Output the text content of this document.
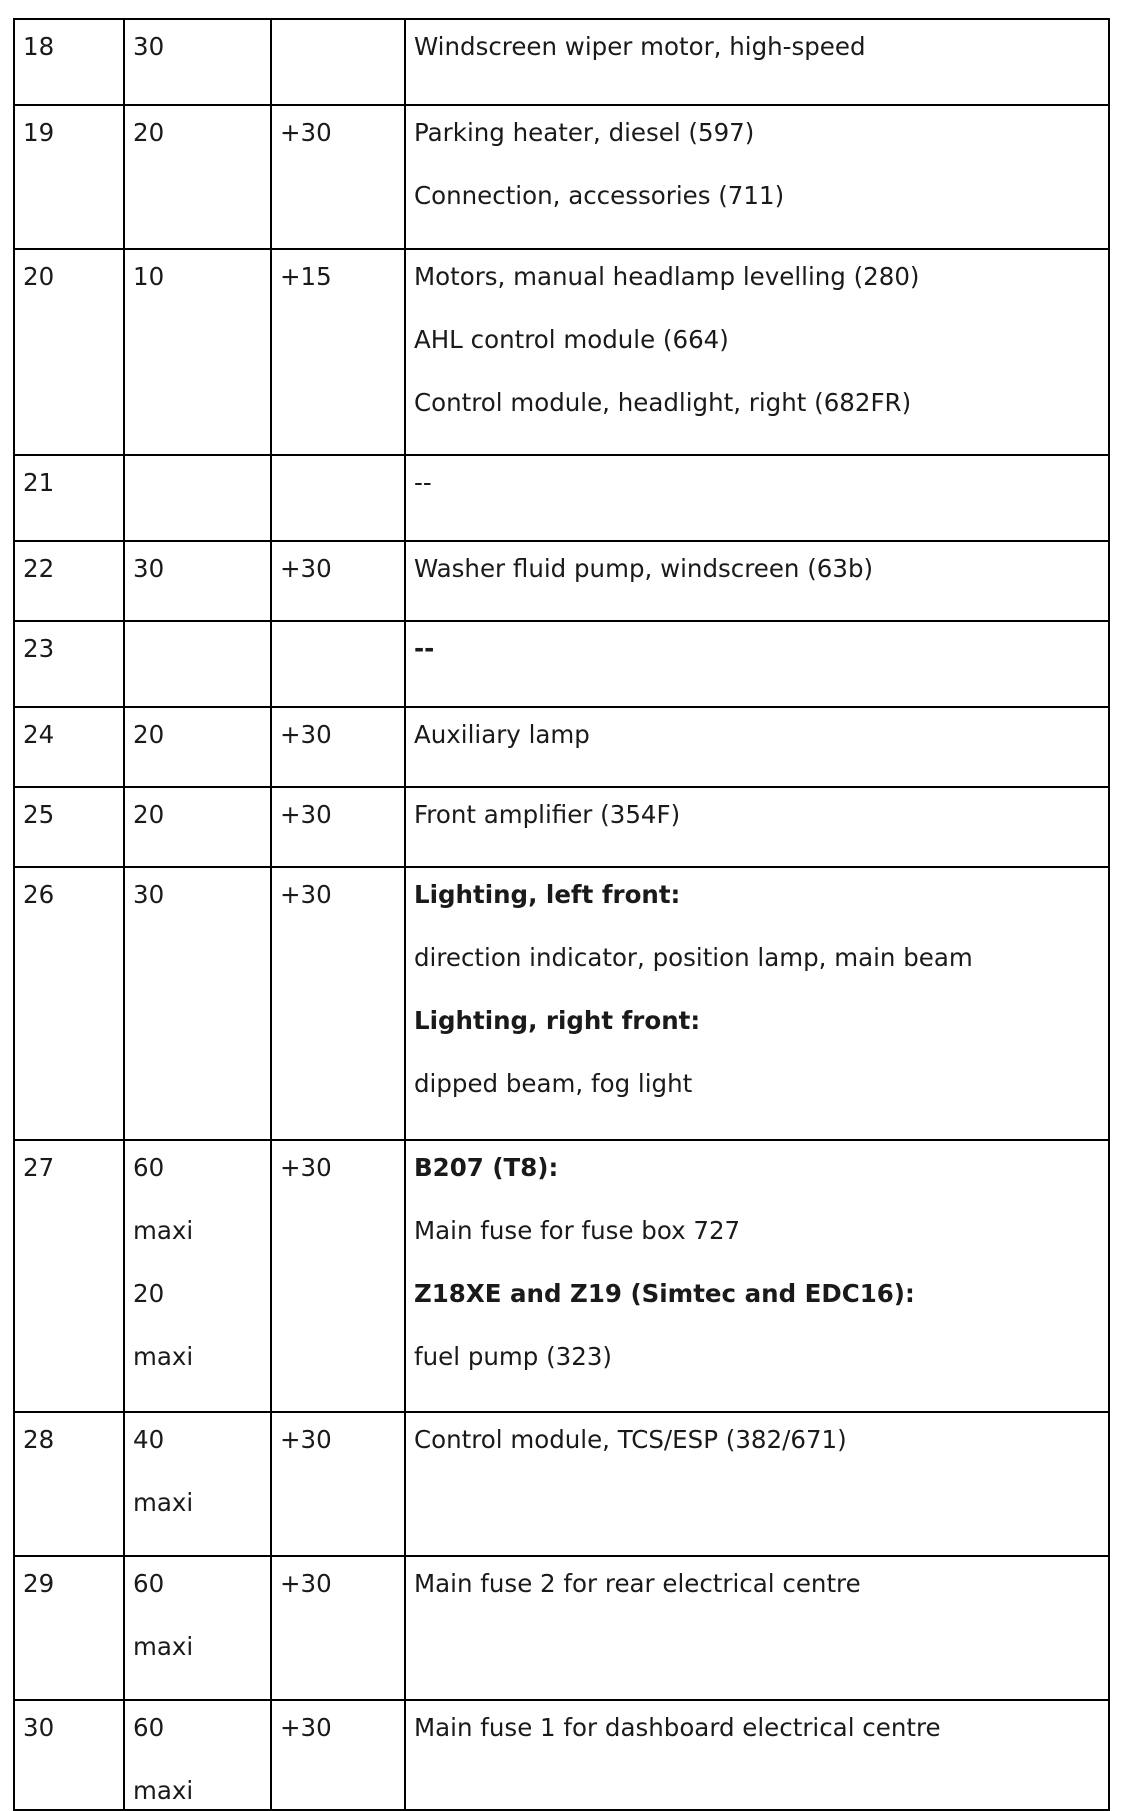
18	30		Windscreen wiper motor, high-speed

19	20	+30	Parking heater, diesel (597)
Connection, accessories (711)

20	10	+15	Motors, manual headlamp levelling (280)
AHL control module (664)
Control module, headlight, right (682FR)

21			--

22	30	+30	Washer fluid pump, windscreen (63b)

23			--

24	20	+30	Auxiliary lamp

25	20	+30	Front amplifier (354F)

26	30	+30	Lighting, left front:
direction indicator, position lamp, main beam
Lighting, right front:
dipped beam, fog light

27	60
maxi
20
maxi	+30	B207 (T8):
Main fuse for fuse box 727
Z18XE and Z19 (Simtec and EDC16):
fuel pump (323)

28	40
maxi	+30	Control module, TCS/ESP (382/671)

29	60
maxi	+30	Main fuse 2 for rear electrical centre

30	60
maxi	+30	Main fuse 1 for dashboard electrical centre
